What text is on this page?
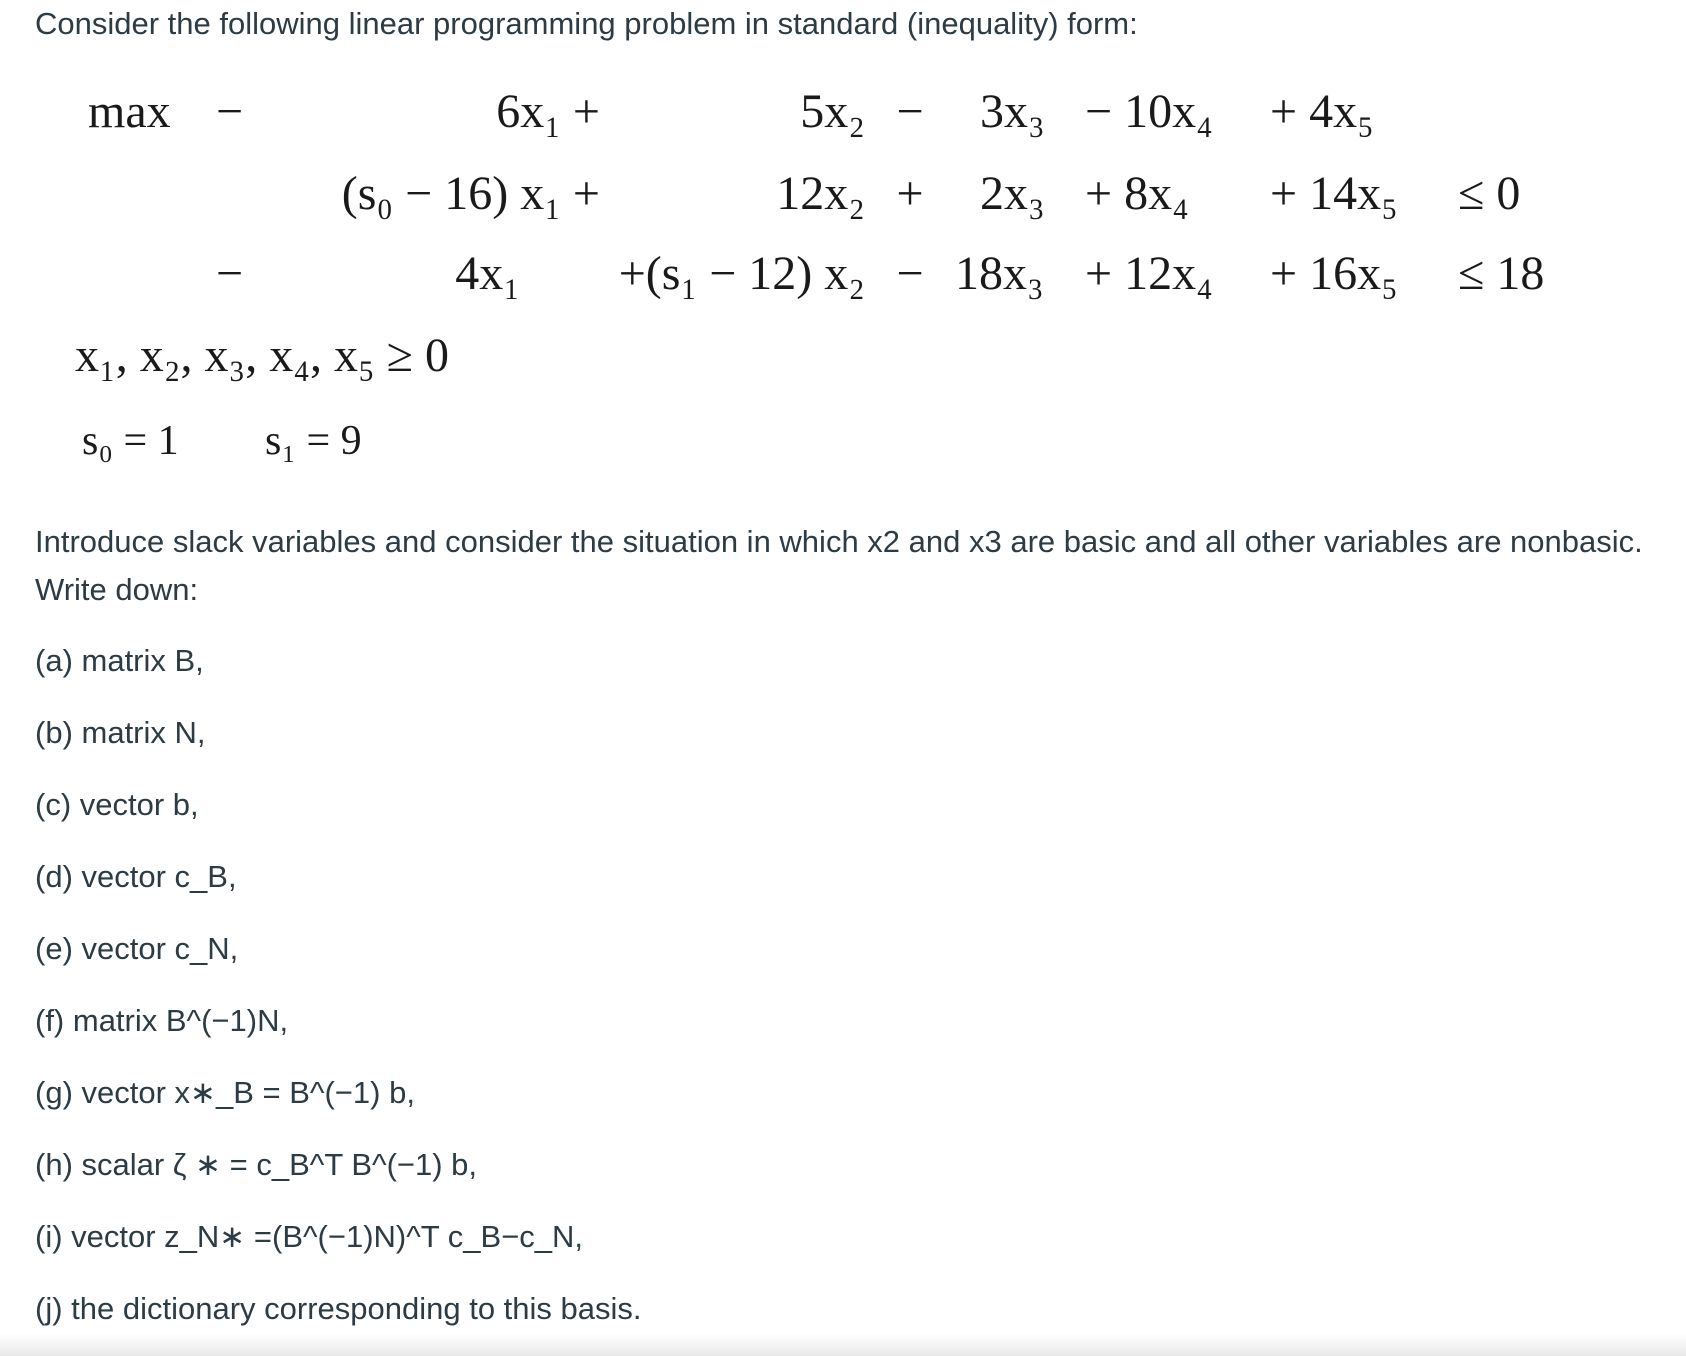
Consider the following linear programming problem in standard (inequality) form:
max −	6x₁ +	5x₂ − 3x₃ − 10x₄ + 4x₅
(s₀ − 16) x₁ +	12x₂ + 2x₃ + 8x₄ + 14x₅ ≤ 0
−	4x₁	+(s₁ − 12) x₂ − 18x₃ + 12x₄ + 16x₅ ≤ 18
x₁, x₂, x₃, x₄, x₅ ≥ 0
s₀ = 1 s₁ = 9
Introduce slack variables and consider the situation in which x2 and x3 are basic and all other variables are nonbasic.
Write down:
(a) matrix B,
(b) matrix N,
(c) vector b,
(d) vector c_B,
(e) vector c_N,
(f) matrix B^(−1)N,
(g) vector x∗_B = B^(−1) b,
(h) scalar ζ ∗ = c_B^T B^(−1) b,
(i) vector z_N∗ =(B^(−1)N)^T c_B−c_N,
(j) the dictionary corresponding to this basis.
